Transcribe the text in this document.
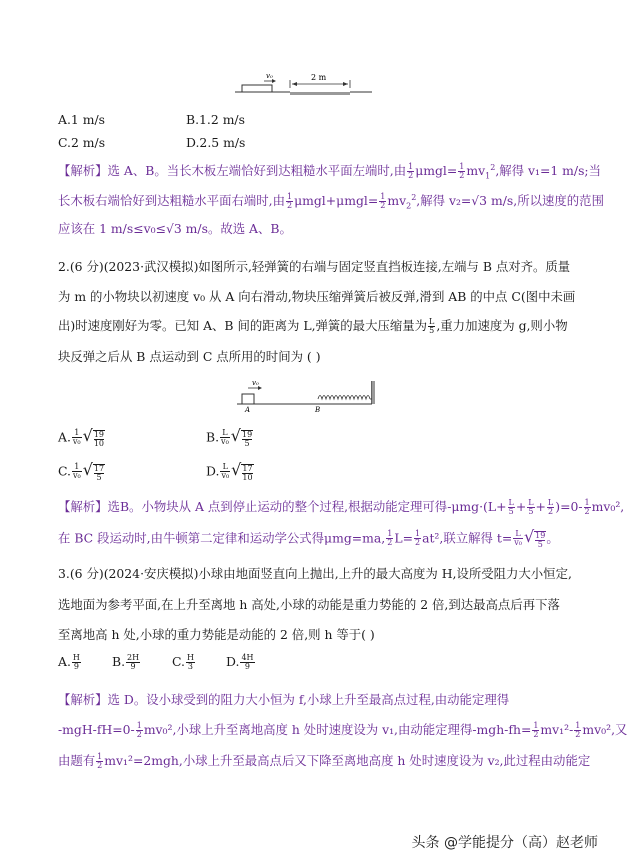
v₀	2 m
A.1 m/s	B.1.2 m/s
C.2 m/s	D.2.5 m/s
【解析】选 A、B。当长木板左端恰好到达粗糙水平面左端时,由 $\frac{1}{2} \mu mgl= \frac{1}{2} mv_1^2$,解得 v₁=1 m/s;当
长木板右端恰好到达粗糙水平面右端时,由 $\frac{1}{2} \mu mgl+\mu mgl= \frac{1}{2} mv_2^2$,解得 v₂=√3 m/s,所以速度的范围
应该在 1 m/s≤v₀≤√3 m/s。故选 A、B。
2.(6 分)(2023·武汉模拟)如图所示,轻弹簧的右端与固定竖直挡板连接,左端与 B 点对齐。质量
为 m 的小物块以初速度 v₀ 从 A 向右滑动,物块压缩弹簧后被反弹,滑到 AB 的中点 C(图中未画
出)时速度刚好为零。已知 A、B 间的距离为 L,弹簧的最大压缩量为 $\frac{L}{5}$ ,重力加速度为 g,则小物
块反弹之后从 B 点运动到 C 点所用的时间为 ( )
v₀
A	B
A. $\frac{1}{\text{v₀}}$ √ $\frac{19}{10}$	B. $\frac{L}{\text{v₀}}$ √ $\frac{19}{5}$
C. $\frac{1}{\text{v₀}}$ √ $\frac{17}{5}$	D. $\frac{L}{\text{v₀}}$ √ $\frac{17}{10}$
【解析】选B。小物块从 A 点到停止运动的整个过程,根据动能定理可得$-\mu mg\cdot(L+ \frac{L}{5} + \frac{L}{5} + \frac{L}{2} )=0- \frac{1}{2} mv_0^2$,
在 BC 段运动时,由牛顿第二定律和运动学公式得μmg=ma, $\frac{1}{2} L= \frac{1}{2} at^2$,联立解得 $t= \frac{L}{\text{v₀}}$ √ $\frac{19}{5}$。
3.(6 分)(2024·安庆模拟)小球由地面竖直向上抛出,上升的最大高度为 H,设所受阻力大小恒定,
选地面为参考平面,在上升至离地 h 高处,小球的动能是重力势能的 2 倍,到达最高点后再下落
至离地高 h 处,小球的重力势能是动能的 2 倍,则 h 等于( )
A. $\frac{H}{9}$	B. $\frac{2H}{9}$	C. $\frac{H}{3}$	D. $\frac{4H}{9}$
【解析】选 D。设小球受到的阻力大小恒为 f,小球上升至最高点过程,由动能定理得
$-mgH-fH=0- \frac{1}{2} mv_0^2$,小球上升至离地高度 h 处时速度设为 v₁,由动能定理得$-mgh-fh= \frac{1}{2} mv_1^2- \frac{1}{2} mv_0^2$,又
由题有 $\frac{1}{2} mv_1^2=2mgh$,小球上升至最高点后又下降至离地高度 h 处时速度设为 v₂,此过程由动能定
头条 @学能提分（高）赵老师
